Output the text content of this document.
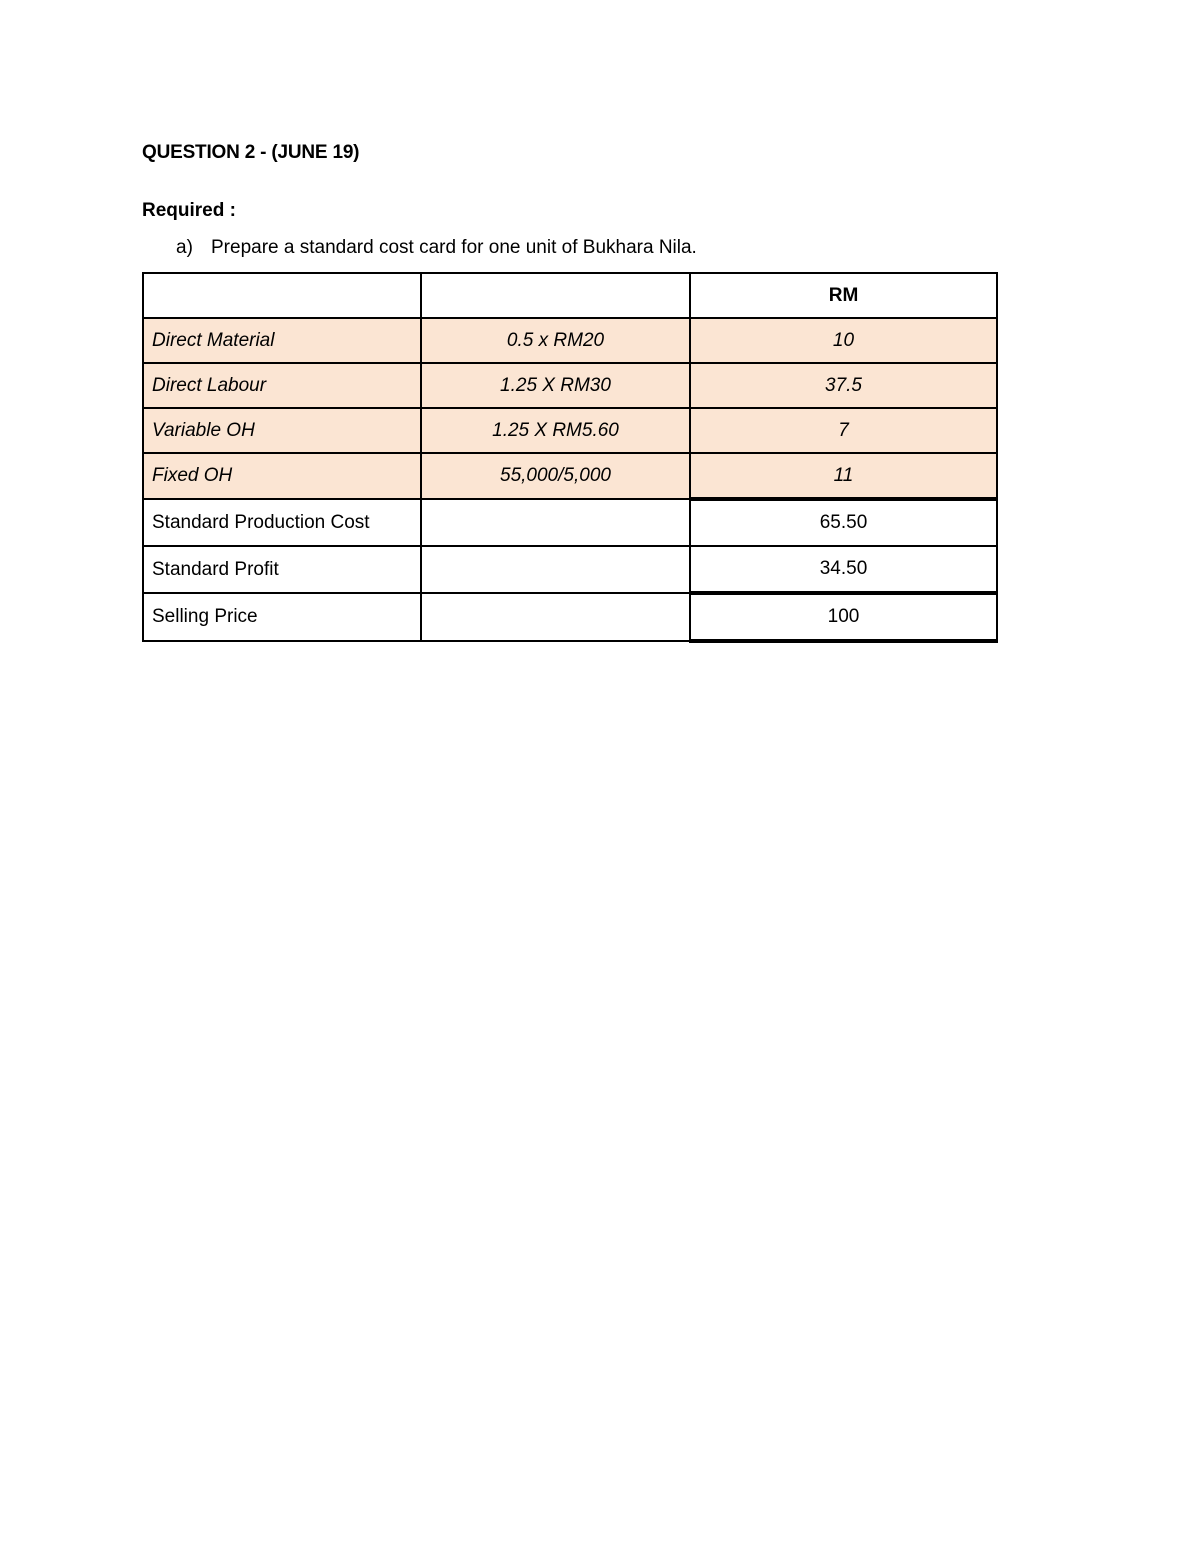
QUESTION 2 - (JUNE 19)
Required :
a) Prepare a standard cost card for one unit of Bukhara Nila.
		RM
Direct Material	0.5 x RM20	10
Direct Labour	1.25 X RM30	37.5
Variable OH	1.25 X RM5.60	7
Fixed OH	55,000/5,000	11
Standard Production Cost		65.50
Standard Profit		34.50
Selling Price		100
